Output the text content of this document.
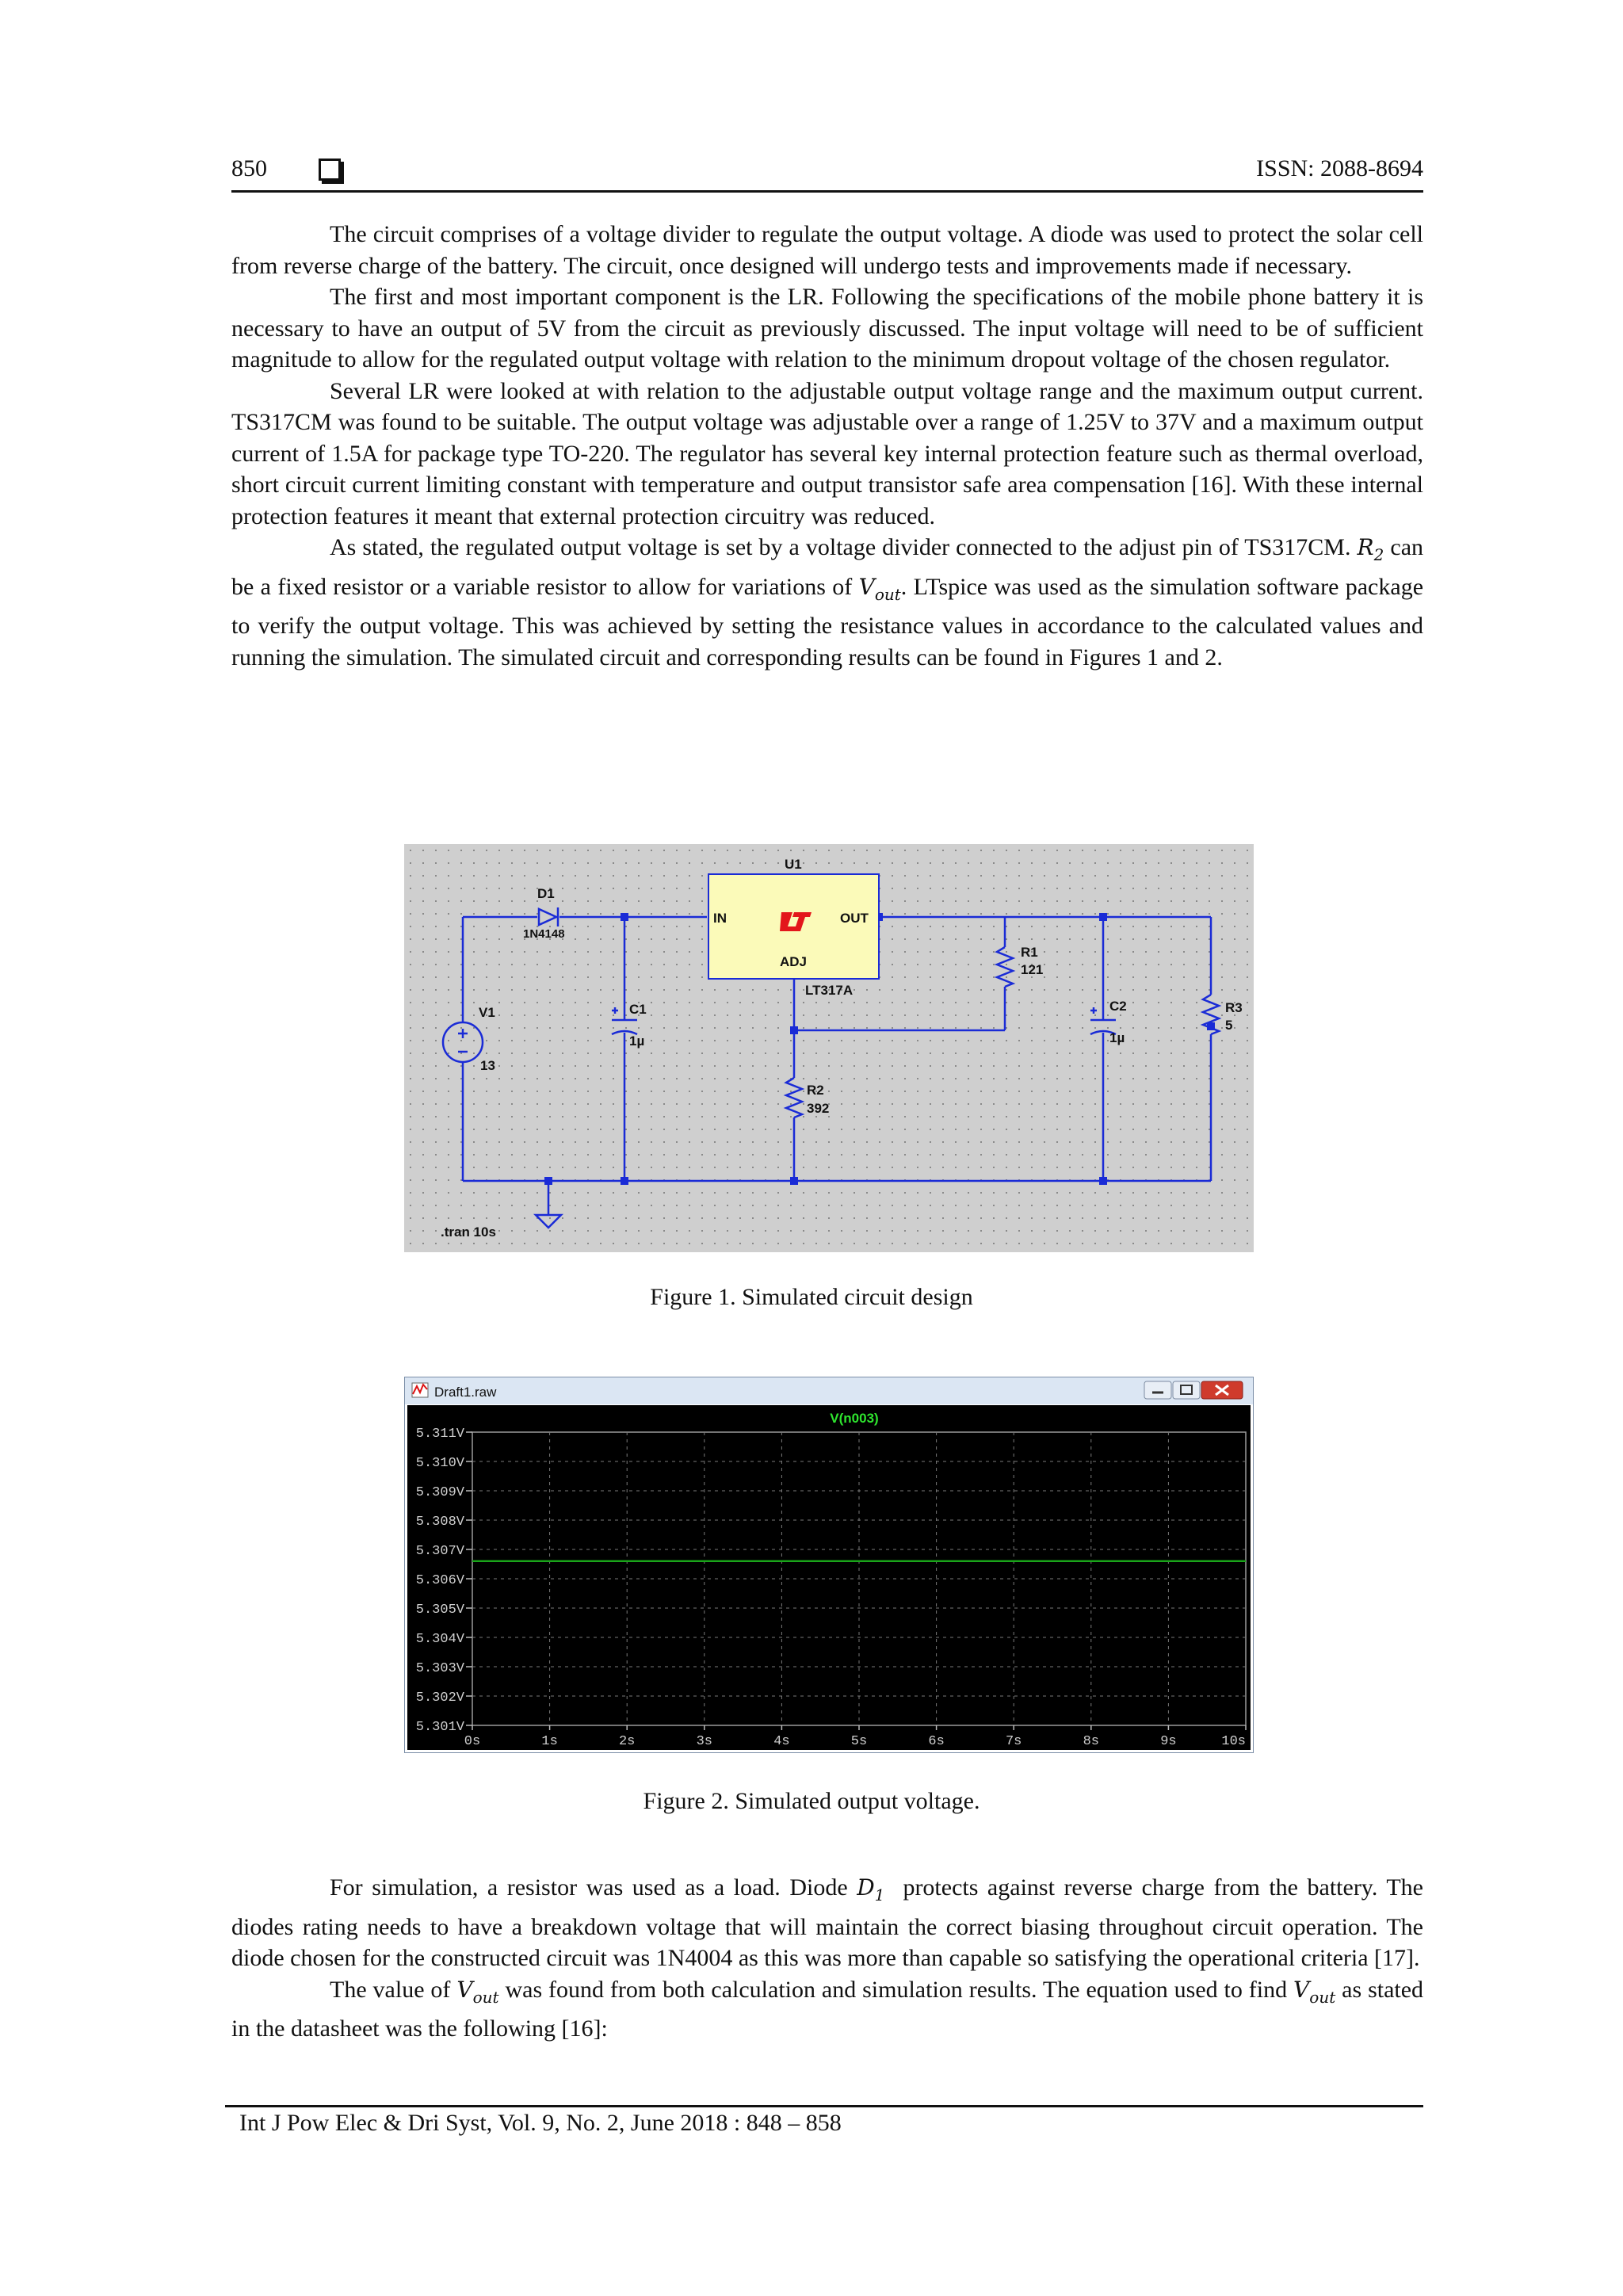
850	ISSN: 2088-8694

The circuit comprises of a voltage divider to regulate the output voltage. A diode was used to protect the solar cell from reverse charge of the battery. The circuit, once designed will undergo tests and improvements made if necessary.

The first and most important component is the LR. Following the specifications of the mobile phone battery it is necessary to have an output of 5V from the circuit as previously discussed. The input voltage will need to be of sufficient magnitude to allow for the regulated output voltage with relation to the minimum dropout voltage of the chosen regulator.

Several LR were looked at with relation to the adjustable output voltage range and the maximum output current. TS317CM was found to be suitable. The output voltage was adjustable over a range of 1.25V to 37V and a maximum output current of 1.5A for package type TO-220. The regulator has several key internal protection feature such as thermal overload, short circuit current limiting constant with temperature and output transistor safe area compensation [16]. With these internal protection features it meant that external protection circuitry was reduced.

As stated, the regulated output voltage is set by a voltage divider connected to the adjust pin of TS317CM. $R_2$ can be a fixed resistor or a variable resistor to allow for variations of $V_{out}$. LTspice was used as the simulation software package to verify the output voltage. This was achieved by setting the resistance values in accordance to the calculated values and running the simulation. The simulated circuit and corresponding results can be found in Figures 1 and 2.

U1
IN	OUT
ADJ
LT317A
D1
1N4148
V1
13
C1
1µ
C2
1µ
R1
121
R2
392
R3
5
.tran 10s
Figure 1. Simulated circuit design
Draft1.raw
V(n003)
5.311V
5.310V
5.309V
5.308V
5.307V
5.306V
5.305V
5.304V
5.303V
5.302V
5.301V
0s	1s	2s	3s	4s	5s	6s	7s	8s	9s	10s
Figure 2. Simulated output voltage.

For simulation, a resistor was used as a load. Diode $D_1$ protects against reverse charge from the battery. The diodes rating needs to have a breakdown voltage that will maintain the correct biasing throughout circuit operation. The diode chosen for the constructed circuit was 1N4004 as this was more than capable so satisfying the operational criteria [17].

The value of $V_{out}$ was found from both calculation and simulation results. The equation used to find $V_{out}$ as stated in the datasheet was the following [16]:

Int J Pow Elec & Dri Syst, Vol. 9, No. 2, June 2018 : 848 – 858
